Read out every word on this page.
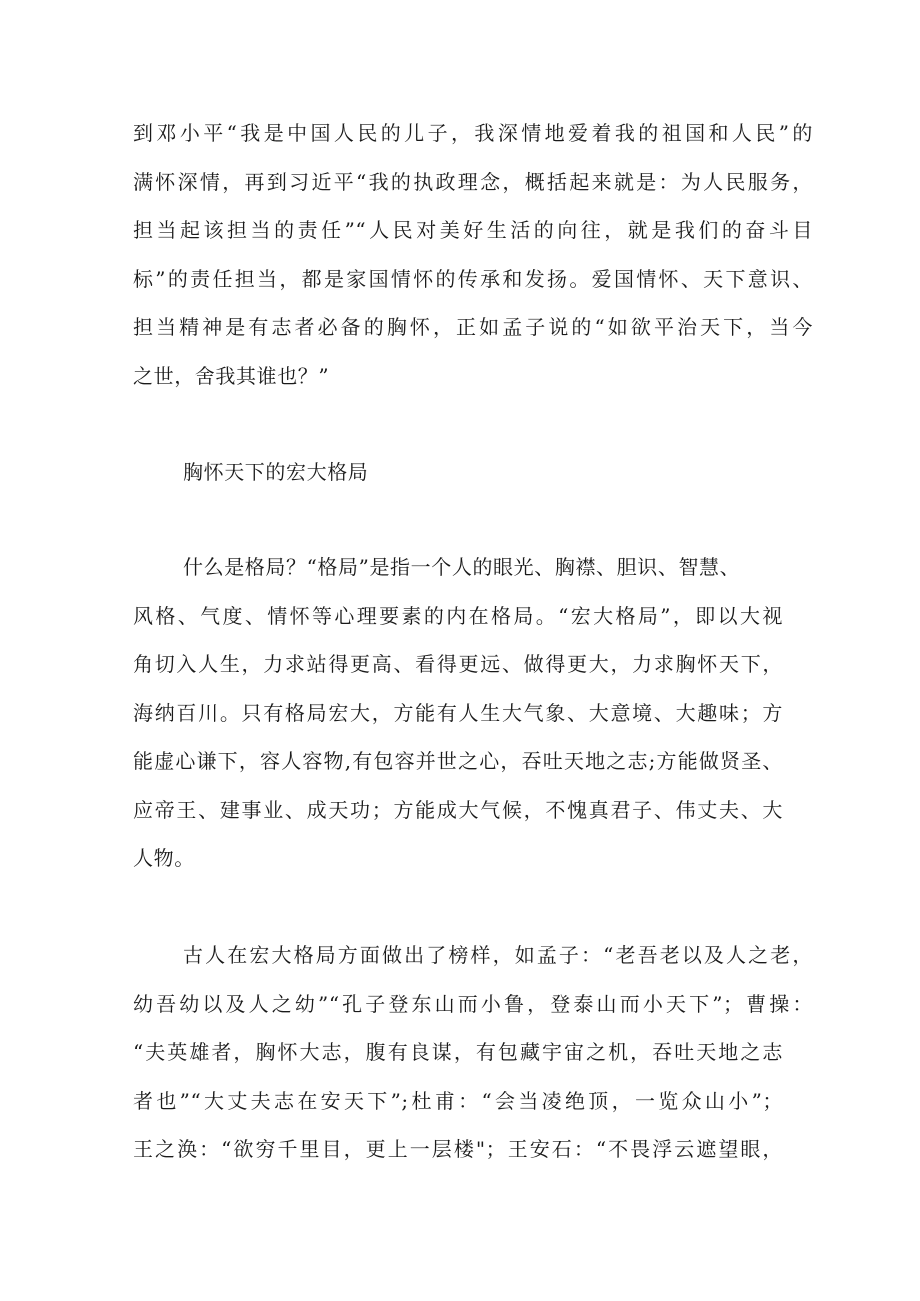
到邓小平“我是中国人民的儿子，我深情地爱着我的祖国和人民”的
满怀深情，再到习近平“我的执政理念，概括起来就是：为人民服务，
担当起该担当的责任”“人民对美好生活的向往，就是我们的奋斗目
标”的责任担当，都是家国情怀的传承和发扬。爱国情怀、天下意识、
担当精神是有志者必备的胸怀，正如孟子说的“如欲平治天下，当今
之世，舍我其谁也？”
胸怀天下的宏大格局
什么是格局？“格局”是指一个人的眼光、胸襟、胆识、智慧、
风格、气度、情怀等心理要素的内在格局。“宏大格局”，即以大视
角切入人生，力求站得更高、看得更远、做得更大，力求胸怀天下，
海纳百川。只有格局宏大，方能有人生大气象、大意境、大趣味；方
能虚心谦下，容人容物,有包容并世之心，吞吐天地之志;方能做贤圣、
应帝王、建事业、成天功；方能成大气候，不愧真君子、伟丈夫、大
人物。
古人在宏大格局方面做出了榜样，如孟子：“老吾老以及人之老，
幼吾幼以及人之幼”“孔子登东山而小鲁，登泰山而小天下”；曹操：
“夫英雄者，胸怀大志，腹有良谋，有包藏宇宙之机，吞吐天地之志
者也”“大丈夫志在安天下”;杜甫：“会当凌绝顶，一览众山小”；
王之涣：“欲穷千里目，更上一层楼"；王安石：“不畏浮云遮望眼，
